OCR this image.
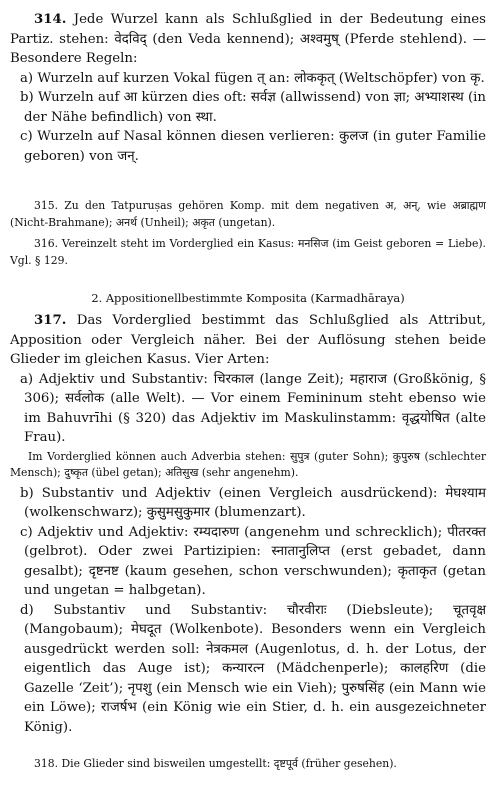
314. Jede Wurzel kann als Schlußglied in der Bedeutung eines Partiz. stehen: वेदविद् (den Veda kennend); अश्वमुष् (Pferde stehlend). — Besondere Regeln:
a) Wurzeln auf kurzen Vokal fügen त् an: लोककृत् (Weltschöpfer) von कृ.
b) Wurzeln auf आ kürzen dies oft: सर्वज्ञ (allwissend) von ज्ञा; अभ्याशस्थ (in der Nähe befindlich) von स्था.
c) Wurzeln auf Nasal können diesen verlieren: कुलज (in guter Familie geboren) von जन्.
315. Zu den Tatpuruṣas gehören Komp. mit dem negativen अ, अन्, wie अब्राह्मण (Nicht-Brahmane); अनर्थ (Unheil); अकृत (ungetan).
316. Vereinzelt steht im Vorderglied ein Kasus: मनसिज (im Geist geboren = Liebe). Vgl. § 129.
2. Appositionellbestimmte Komposita (Karmadhāraya)
317. Das Vorderglied bestimmt das Schlußglied als Attribut, Apposition oder Vergleich näher. Bei der Auflösung stehen beide Glieder im gleichen Kasus. Vier Arten:
a) Adjektiv und Substantiv: चिरकाल (lange Zeit); महाराज (Großkönig, § 306); सर्वलोक (alle Welt). — Vor einem Femininum steht ebenso wie im Bahuvrīhi (§ 320) das Adjektiv im Maskulinstamm: वृद्धयोषित (alte Frau).
Im Vorderglied können auch Adverbia stehen: सुपुत्र (guter Sohn); कुपुरुष (schlechter Mensch); दुष्कृत (übel getan); अतिसुख (sehr angenehm).
b) Substantiv und Adjektiv (einen Vergleich ausdrückend): मेघश्याम (wolkenschwarz); कुसुमसुकुमार (blumenzart).
c) Adjektiv und Adjektiv: रम्यदारुण (angenehm und schrecklich); पीतरक्त (gelbrot). Oder zwei Partizipien: स्नातानुलिप्त (erst gebadet, dann gesalbt); दृष्टनष्ट (kaum gesehen, schon verschwunden); कृताकृत (getan und ungetan = halbgetan).
d) Substantiv und Substantiv: चौरवीराः (Diebsleute); चूतवृक्ष (Mangobaum); मेघदूत (Wolkenbote). Besonders wenn ein Vergleich ausgedrückt werden soll: नेत्रकमल (Augenlotus, d. h. der Lotus, der eigentlich das Auge ist); कन्यारत्न (Mädchenperle); कालहरिण (die Gazelle ‘Zeit’); नृपशु (ein Mensch wie ein Vieh); पुरुषसिंह (ein Mann wie ein Löwe); राजर्षभ (ein König wie ein Stier, d. h. ein ausgezeichneter König).
318. Die Glieder sind bisweilen umgestellt: दृष्टपूर्व (früher gesehen).
